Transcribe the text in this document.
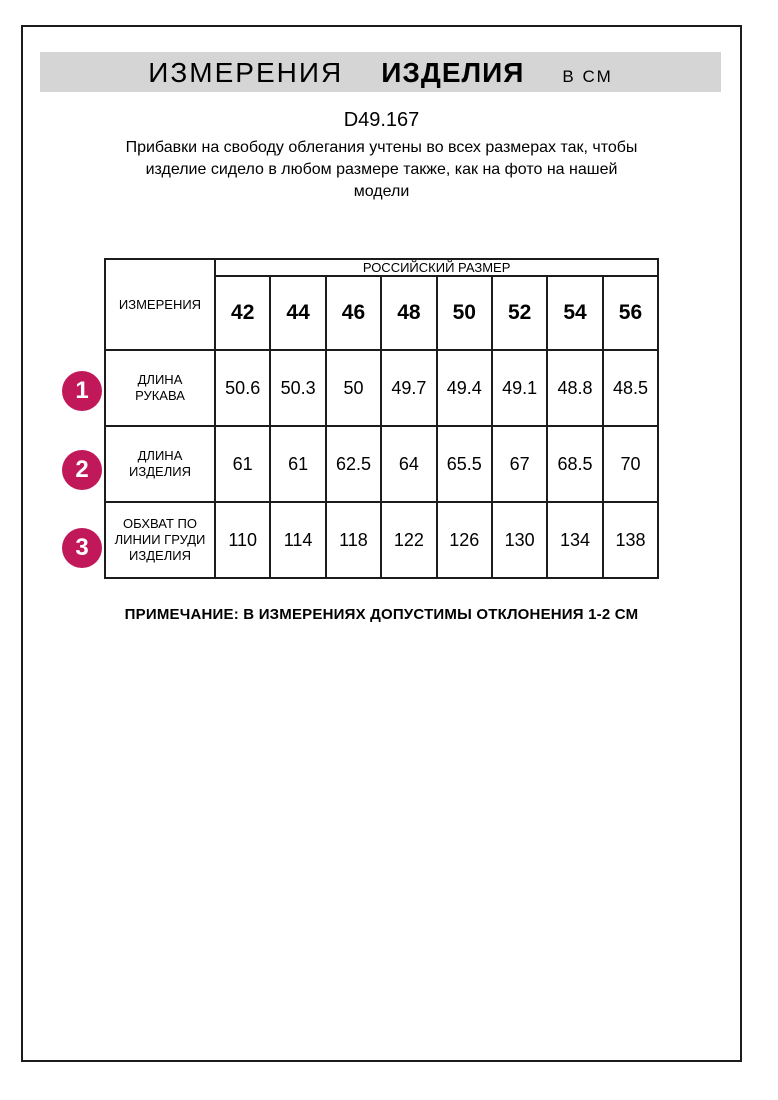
ИЗМЕРЕНИЯ ИЗДЕЛИЯ В СМ
D49.167
Прибавки на свободу облегания учтены во всех размерах так, чтобы
изделие сидело в любом размере также, как на фото на нашей
модели
ИЗМЕРЕНИЯ	РОССИЙСКИЙ РАЗМЕР							
	42	44	46	48	50	52	54	56
ДЛИНА РУКАВА	50.6	50.3	50	49.7	49.4	49.1	48.8	48.5
ДЛИНА ИЗДЕЛИЯ	61	61	62.5	64	65.5	67	68.5	70
ОБХВАТ ПО ЛИНИИ ГРУДИ ИЗДЕЛИЯ	110	114	118	122	126	130	134	138
1
2
3
ПРИМЕЧАНИЕ: В ИЗМЕРЕНИЯХ ДОПУСТИМЫ ОТКЛОНЕНИЯ 1-2 СМ
